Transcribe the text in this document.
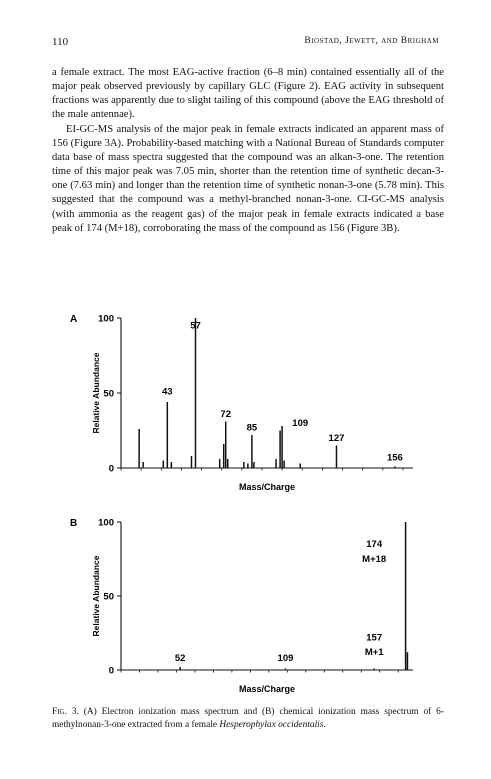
110	Biostad, Jewett, and Brigham

a female extract. The most EAG-active fraction (6–8 min) contained essentially all of the major peak observed previously by capillary GLC (Figure 2). EAG activity in subsequent fractions was apparently due to slight tailing of this compound (above the EAG threshold of the male antennae).

EI-GC-MS analysis of the major peak in female extracts indicated an apparent mass of 156 (Figure 3A). Probability-based matching with a National Bureau of Standards computer data base of mass spectra suggested that the compound was an alkan-3-one. The retention time of this major peak was 7.05 min, shorter than the retention time of synthetic decan-3-one (7.63 min) and longer than the retention time of synthetic nonan-3-one (5.78 min). This suggested that the compound was a methyl-branched nonan-3-one. CI-GC-MS analysis (with ammonia as the reagent gas) of the major peak in female extracts indicated a base peak of 174 (M+18), corroborating the mass of the compound as 156 (Figure 3B).

0
50
100
43
57
72
85	109
127
156
A
Relative Abundance
Mass/Charge
0
50
100
52	109
157
M+1
174
M+18
B
Relative Abundance
Mass/Charge
Fig. 3. (A) Electron ionization mass spectrum and (B) chemical ionization mass spectrum of 6-methylnonan-3-one extracted from a female Hesperophylax occidentalis.
